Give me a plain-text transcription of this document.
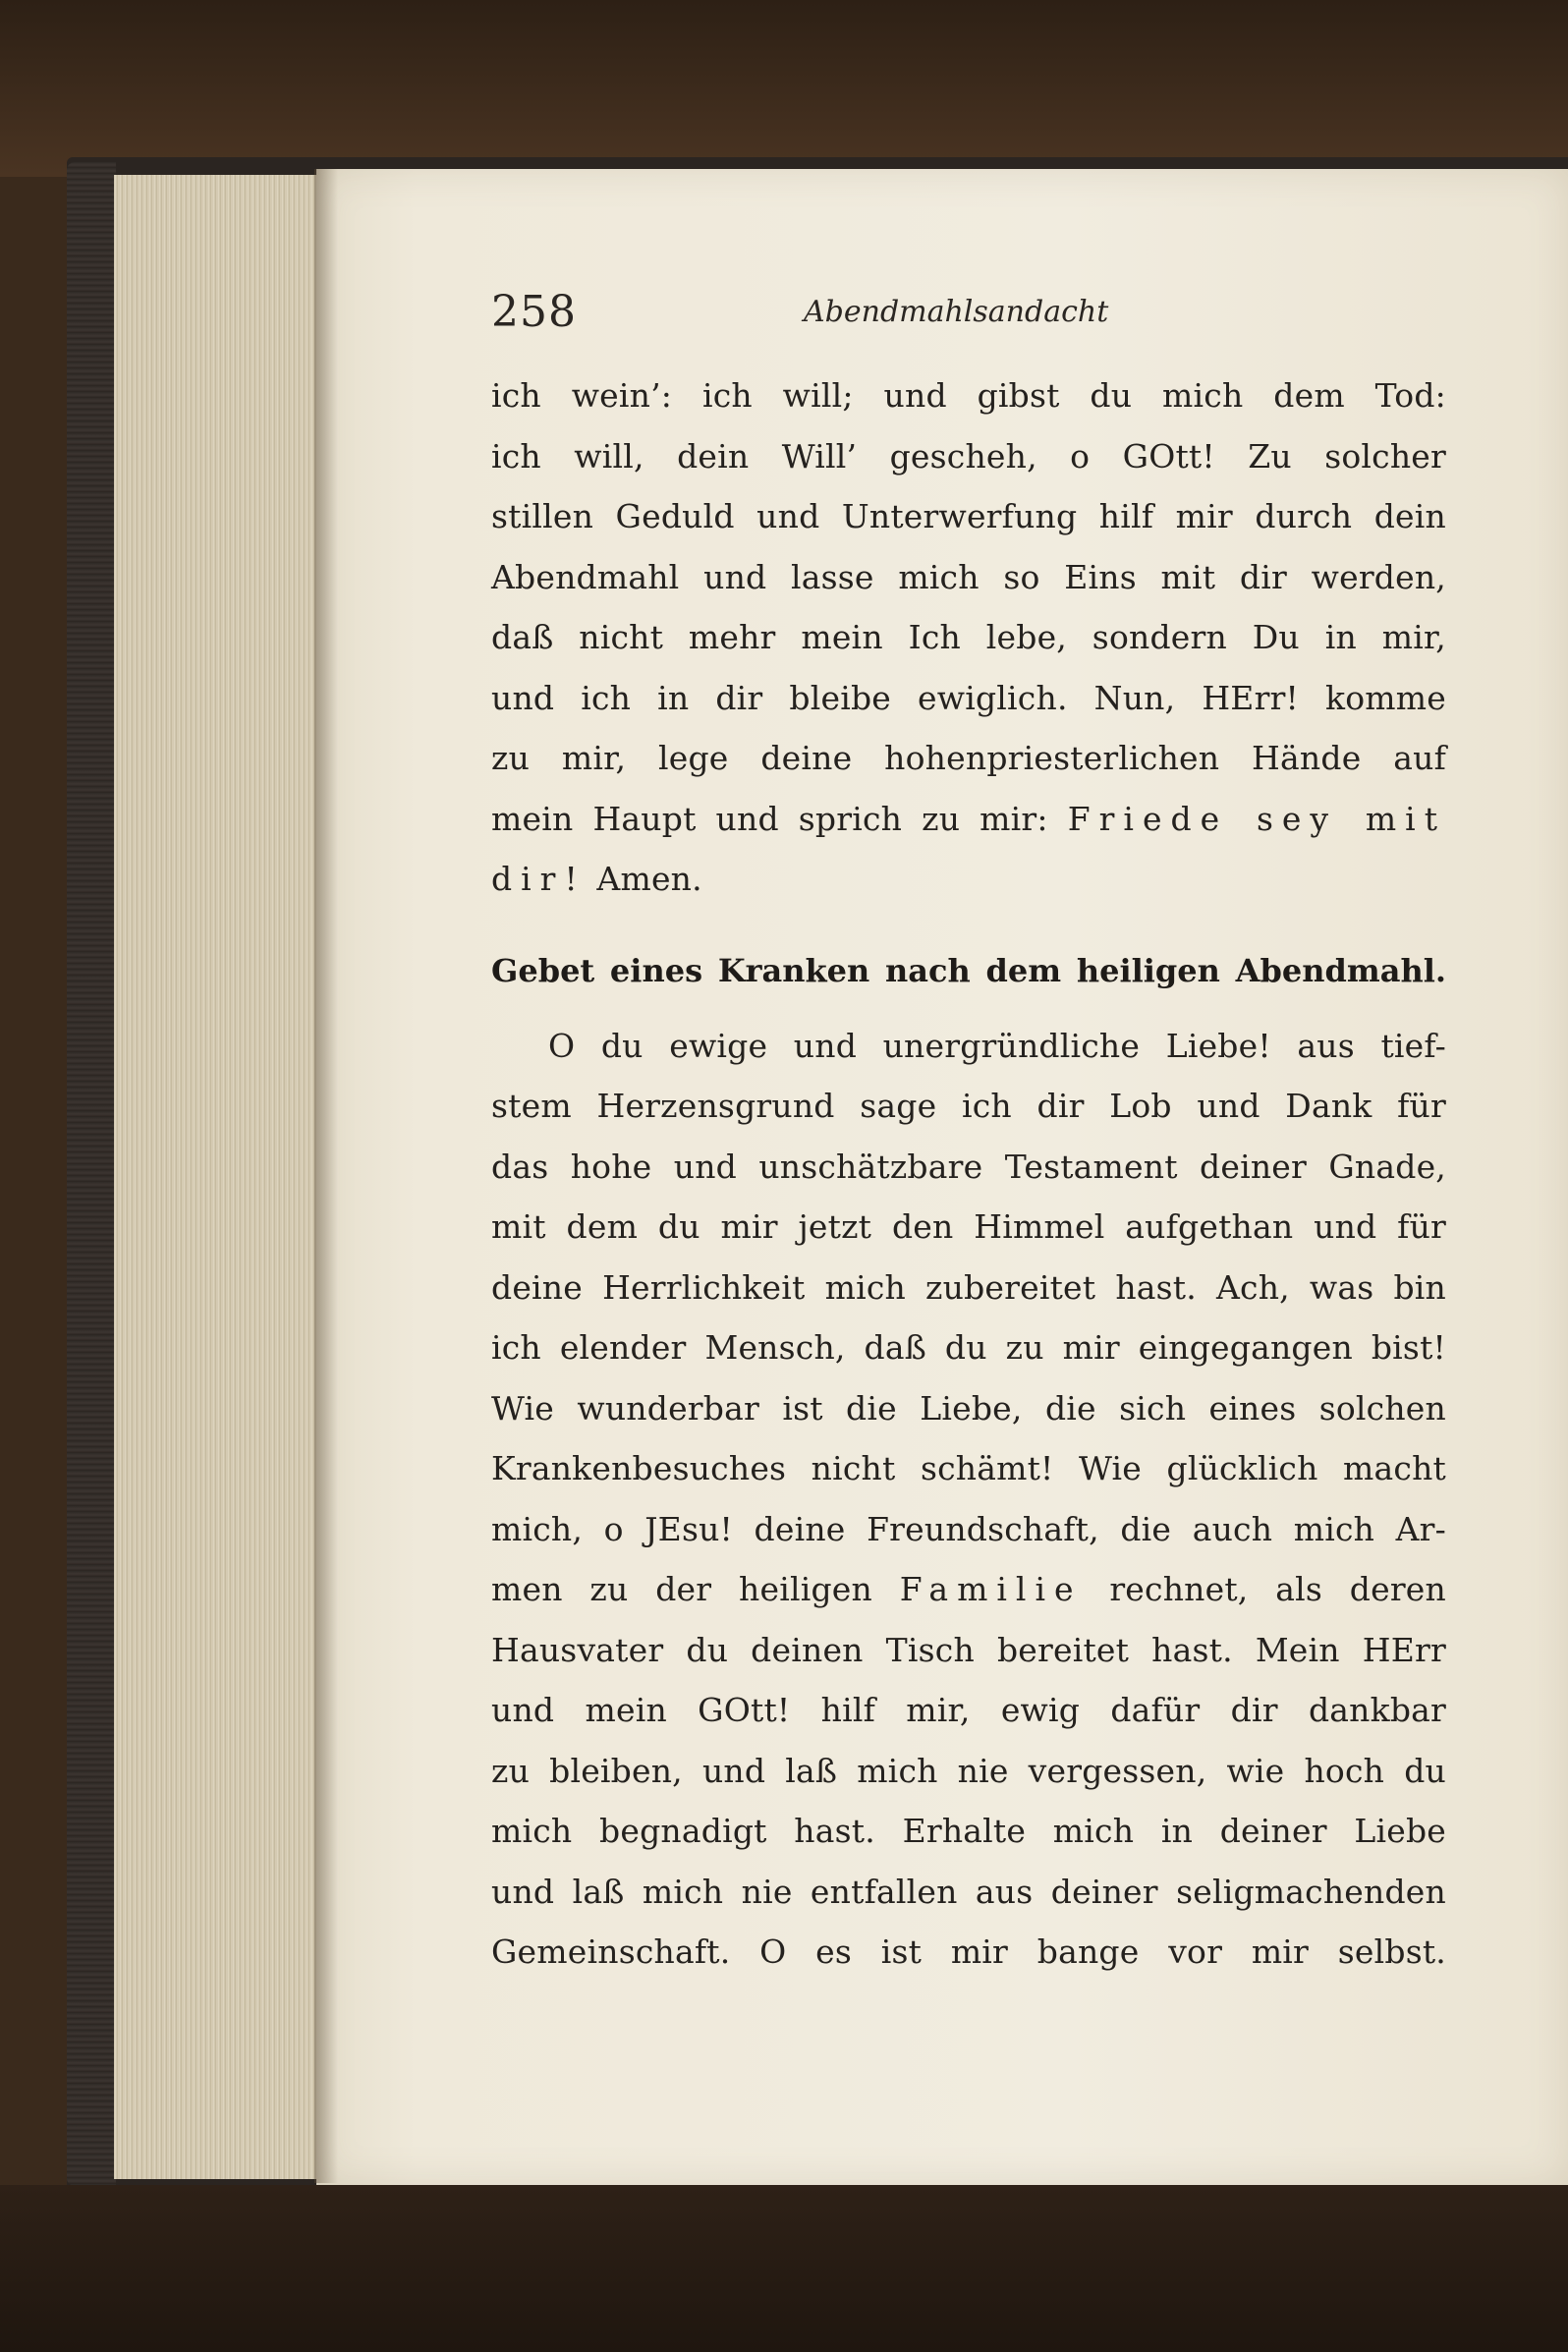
258	Abendmahlsandacht
ich wein’: ich will; und gibst du mich dem Tod:
ich will, dein Will’ gescheh, o GOtt! Zu solcher
stillen Geduld und Unterwerfung hilf mir durch dein
Abendmahl und lasse mich so Eins mit dir werden,
daß nicht mehr mein Ich lebe, sondern Du in mir,
und ich in dir bleibe ewiglich. Nun, HErr! komme
zu mir, lege deine hohenpriesterlichen Hände auf
mein Haupt und sprich zu mir: Friede sey mit
dir! Amen.
Gebet eines Kranken nach dem heiligen Abendmahl.
O du ewige und unergründliche Liebe! aus tief-
stem Herzensgrund sage ich dir Lob und Dank für
das hohe und unschätzbare Testament deiner Gnade,
mit dem du mir jetzt den Himmel aufgethan und für
deine Herrlichkeit mich zubereitet hast. Ach, was bin
ich elender Mensch, daß du zu mir eingegangen bist!
Wie wunderbar ist die Liebe, die sich eines solchen
Krankenbesuches nicht schämt! Wie glücklich macht
mich, o JEsu! deine Freundschaft, die auch mich Ar-
men zu der heiligen Familie rechnet, als deren
Hausvater du deinen Tisch bereitet hast. Mein HErr
und mein GOtt! hilf mir, ewig dafür dir dankbar
zu bleiben, und laß mich nie vergessen, wie hoch du
mich begnadigt hast. Erhalte mich in deiner Liebe
und laß mich nie entfallen aus deiner seligmachenden
Gemeinschaft. O es ist mir bange vor mir selbst.
